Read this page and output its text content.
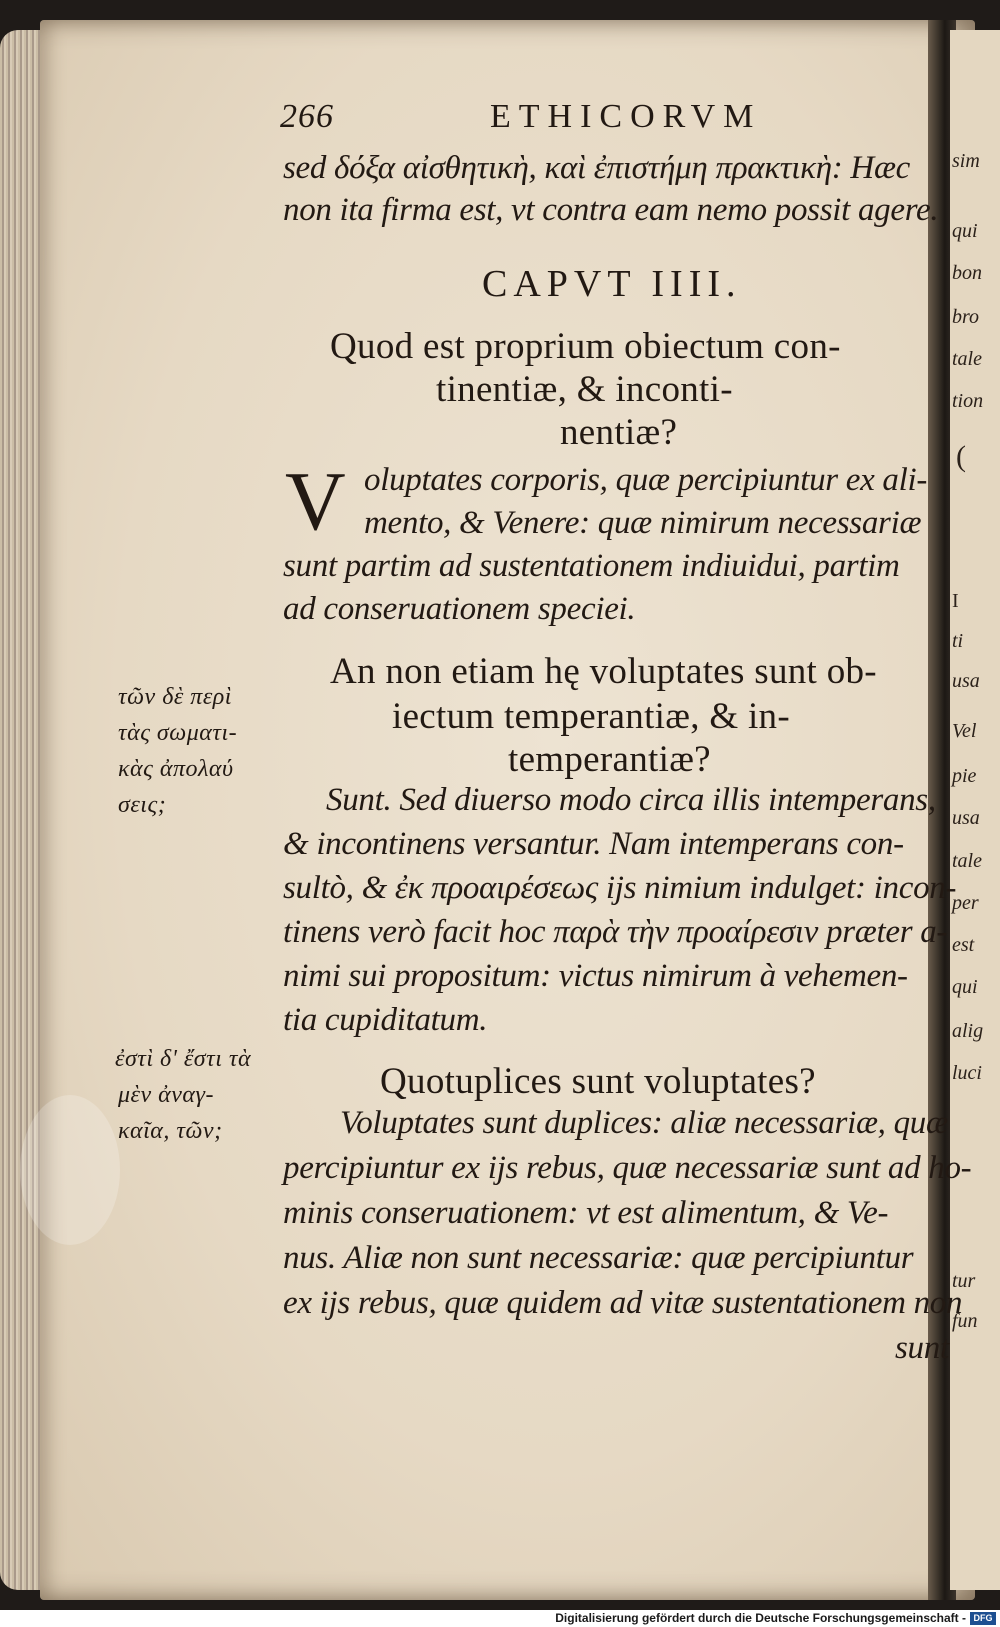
sim
qui
bon
bro
tale
tion
(
I
ti
usa
Vel
pie
usa
tale
per
est
qui
alig
luci
tur
fun
266	ETHICORVM
sed δόξα αἰσθητικὴ, καὶ ἐπιστήμη πρακτικὴ: Hæc
non ita firma est, vt contra eam nemo possit agere.
CAPVT IIII.
Quod est proprium obiectum con-
tinentiæ, & inconti-
nentiæ?
V oluptates corporis, quæ percipiuntur ex ali-
mento, & Venere: quæ nimirum necessariæ
sunt partim ad sustentationem indiuidui, partim
ad conseruationem speciei.
An non etiam hę voluptates sunt ob-
iectum temperantiæ, & in-
temperantiæ?
Sunt. Sed diuerso modo circa illis intemperans,
& incontinens versantur. Nam intemperans con-
sultò, & ἐκ προαιρέσεως ijs nimium indulget: incon-
tinens verò facit hoc παρὰ τὴν προαίρεσιν præter a-
nimi sui propositum: victus nimirum à vehemen-
tia cupiditatum.
Quotuplices sunt voluptates?
Voluptates sunt duplices: aliæ necessariæ, quæ
percipiuntur ex ijs rebus, quæ necessariæ sunt ad ho-
minis conseruationem: vt est alimentum, & Ve-
nus. Aliæ non sunt necessariæ: quæ percipiuntur
ex ijs rebus, quæ quidem ad vitæ sustentationem non
sunt
τῶν δὲ περὶ
τὰς σωματι-
κὰς ἀπολαύ
σεις;
ἐστὶ δ' ἔστι τὰ
μὲν ἀναγ-
καῖα, τῶν;
Digitalisierung gefördert durch die Deutsche Forschungsgemeinschaft - DFG
